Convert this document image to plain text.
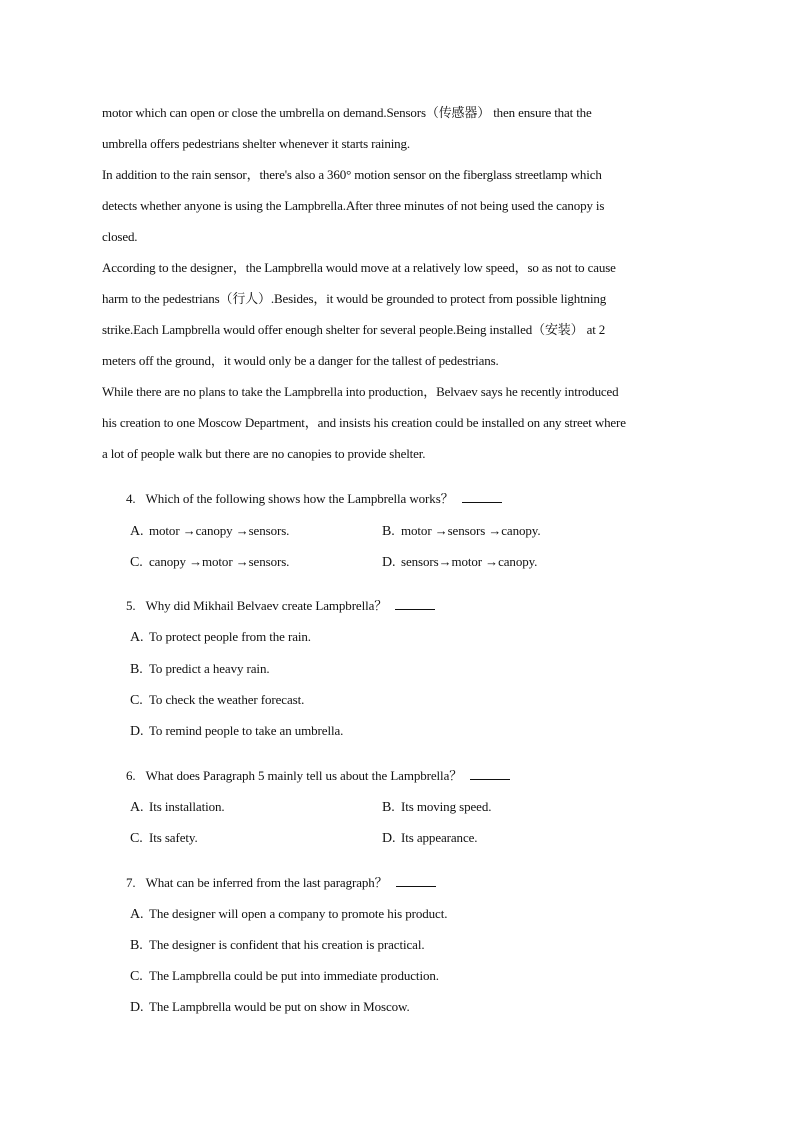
motor which can open or close the umbrella on demand.Sensors（传感器） then ensure that the
umbrella offers pedestrians shelter whenever it starts raining.
In addition to the rain sensor，there's also a 360° motion sensor on the fiberglass streetlamp which
detects whether anyone is using the Lampbrella.After three minutes of not being used the canopy is
closed.
According to the designer，the Lampbrella would move at a relatively low speed，so as not to cause
harm to the pedestrians（行人）.Besides，it would be grounded to protect from possible lightning
strike.Each Lampbrella would offer enough shelter for several people.Being installed（安装） at 2
meters off the ground，it would only be a danger for the tallest of pedestrians.
While there are no plans to take the Lampbrella into production，Belvaev says he recently introduced
his creation to one Moscow Department，and insists his creation could be installed on any street where
a lot of people walk but there are no canopies to provide shelter.
4. Which of the following shows how the Lampbrella works？
A. motor →canopy →sensors.	B. motor →sensors →canopy.
C. canopy →motor →sensors.	D. sensors→motor →canopy.
5. Why did Mikhail Belvaev create Lampbrella？
A. To protect people from the rain.
B. To predict a heavy rain.
C. To check the weather forecast.
D. To remind people to take an umbrella.
6. What does Paragraph 5 mainly tell us about the Lampbrella？
A. Its installation.	B. Its moving speed.
C. Its safety.	D. Its appearance.
7. What can be inferred from the last paragraph？
A. The designer will open a company to promote his product.
B. The designer is confident that his creation is practical.
C. The Lampbrella could be put into immediate production.
D. The Lampbrella would be put on show in Moscow.
